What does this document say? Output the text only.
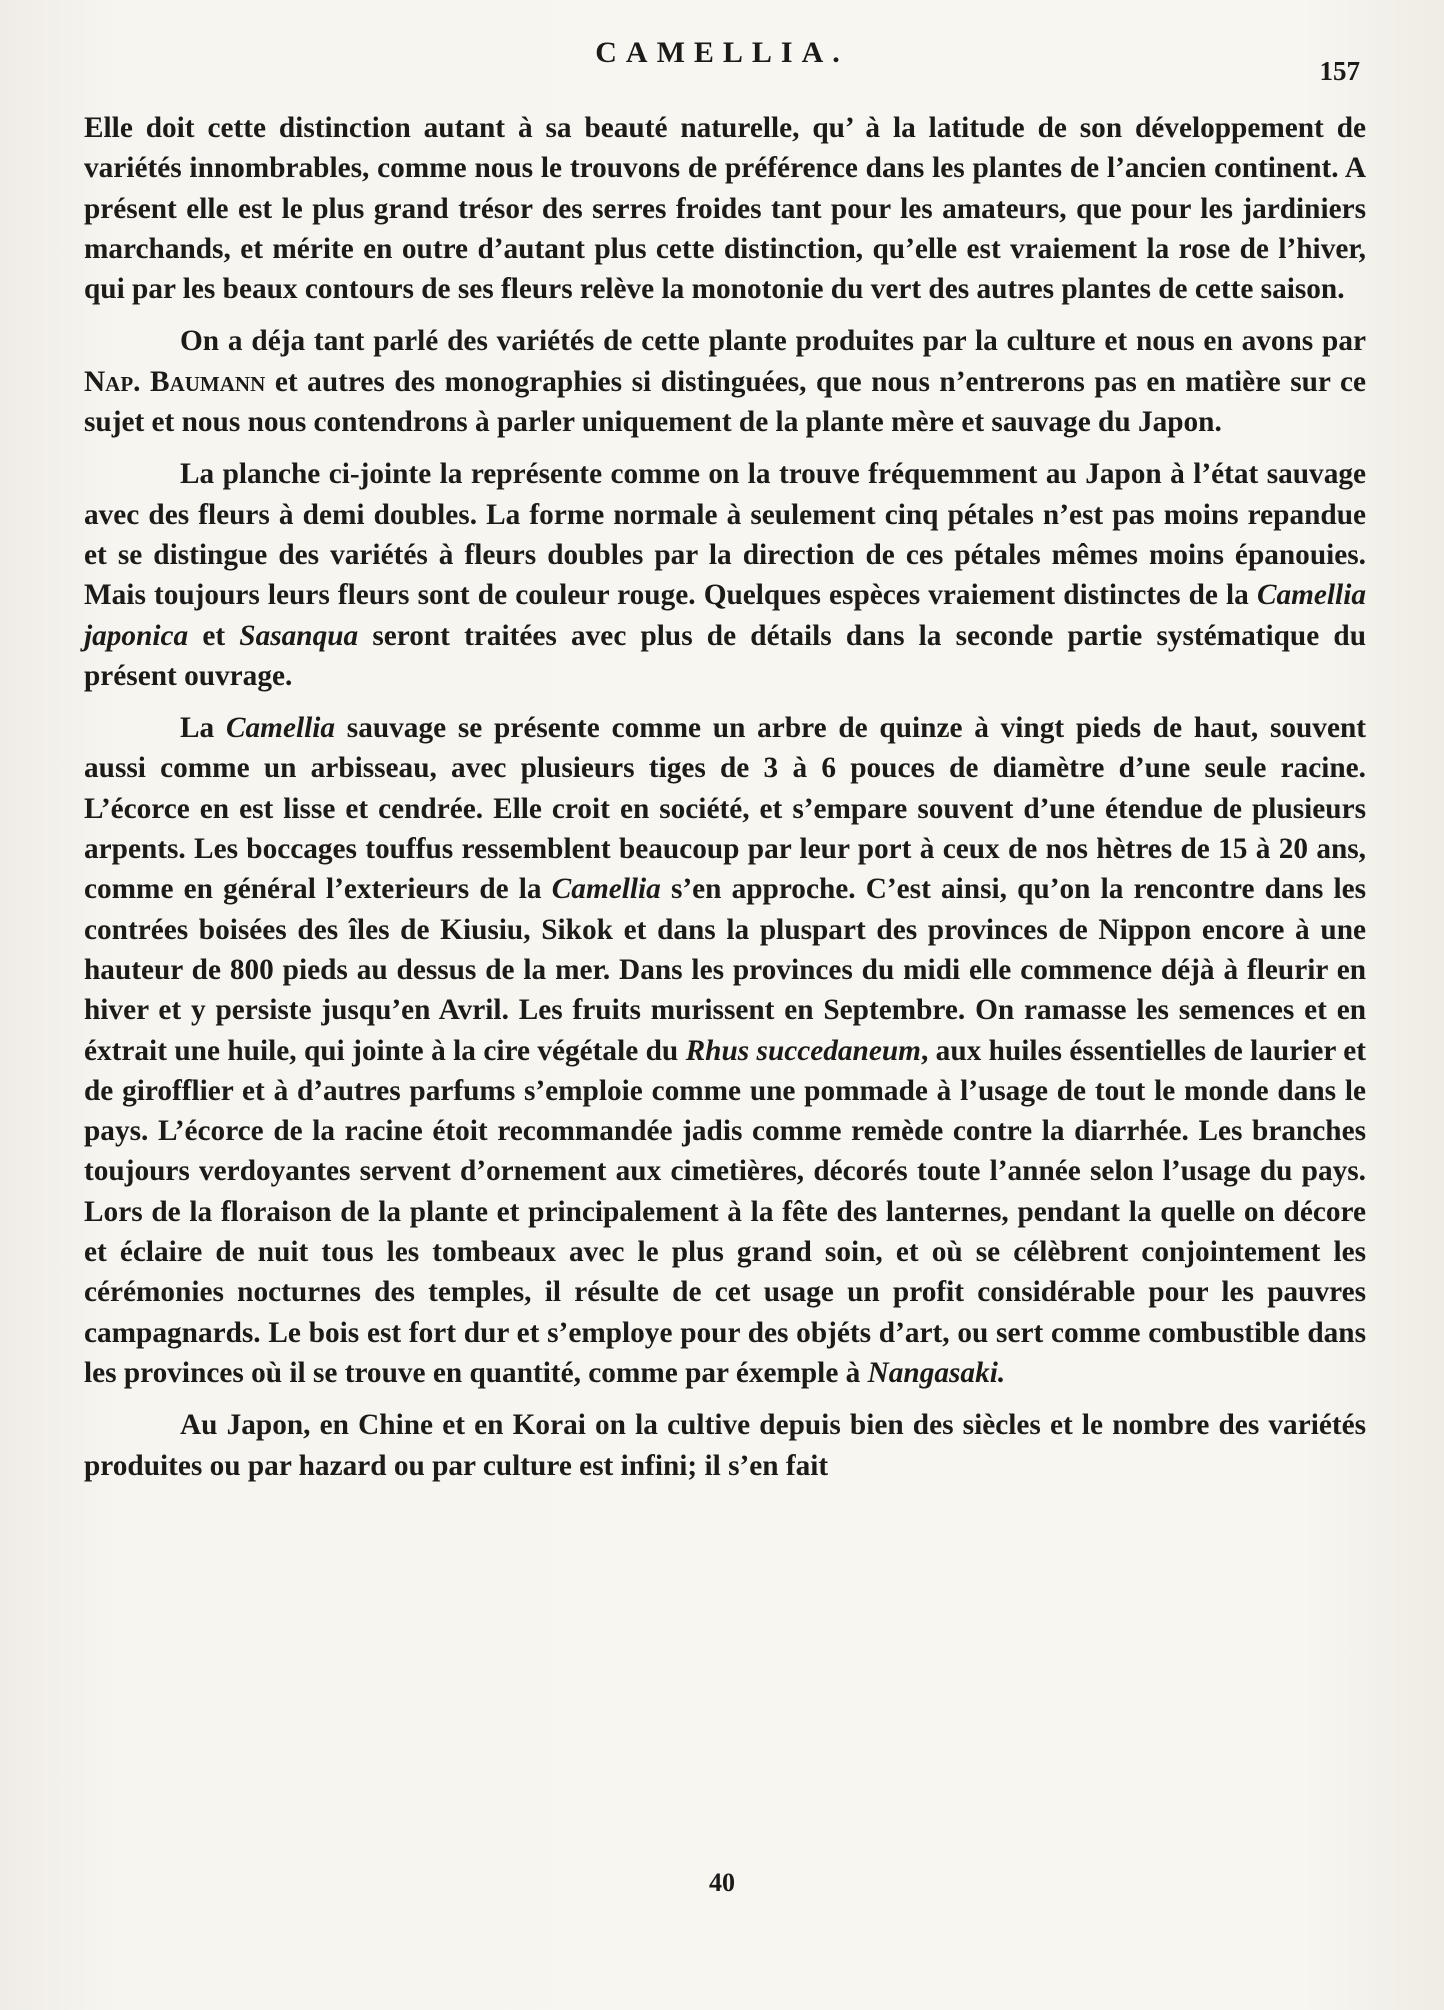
CAMELLIA.
157

Elle doit cette distinction autant à sa beauté naturelle, qu’ à la latitude de son développement de variétés innombrables, comme nous le trouvons de préférence dans les plantes de l’ancien continent. A présent elle est le plus grand trésor des serres froides tant pour les amateurs, que pour les jardiniers marchands, et mérite en outre d’autant plus cette distinction, qu’elle est vraiement la rose de l’hiver, qui par les beaux contours de ses fleurs relève la monotonie du vert des autres plantes de cette saison.

On a déja tant parlé des variétés de cette plante produites par la culture et nous en avons par Nap. Baumann et autres des monographies si distinguées, que nous n’entrerons pas en matière sur ce sujet et nous nous contendrons à parler uniquement de la plante mère et sauvage du Japon.

La planche ci-jointe la représente comme on la trouve fréquemment au Japon à l’état sauvage avec des fleurs à demi doubles. La forme normale à seulement cinq pétales n’est pas moins repandue et se distingue des variétés à fleurs doubles par la direction de ces pétales mêmes moins épanouies. Mais toujours leurs fleurs sont de couleur rouge. Quelques espèces vraiement distinctes de la Camellia japonica et Sasanqua seront traitées avec plus de détails dans la seconde partie systématique du présent ouvrage.

La Camellia sauvage se présente comme un arbre de quinze à vingt pieds de haut, souvent aussi comme un arbisseau, avec plusieurs tiges de 3 à 6 pouces de diamètre d’une seule racine. L’écorce en est lisse et cendrée. Elle croit en société, et s’empare souvent d’une étendue de plusieurs arpents. Les boccages touffus ressemblent beaucoup par leur port à ceux de nos hètres de 15 à 20 ans, comme en général l’exterieurs de la Camellia s’en approche. C’est ainsi, qu’on la rencontre dans les contrées boisées des îles de Kiusiu, Sikok et dans la pluspart des provinces de Nippon encore à une hauteur de 800 pieds au dessus de la mer. Dans les provinces du midi elle commence déjà à fleurir en hiver et y persiste jusqu’en Avril. Les fruits murissent en Septembre. On ramasse les semences et en éxtrait une huile, qui jointe à la cire végétale du Rhus succedaneum, aux huiles éssentielles de laurier et de girofflier et à d’autres parfums s’emploie comme une pommade à l’usage de tout le monde dans le pays. L’écorce de la racine étoit recommandée jadis comme remède contre la diarrhée. Les branches toujours verdoyantes servent d’ornement aux cimetières, décorés toute l’année selon l’usage du pays. Lors de la floraison de la plante et principalement à la fête des lanternes, pendant la quelle on décore et éclaire de nuit tous les tombeaux avec le plus grand soin, et où se célèbrent conjointement les cérémonies nocturnes des temples, il résulte de cet usage un profit considérable pour les pauvres campagnards. Le bois est fort dur et s’employe pour des objéts d’art, ou sert comme combustible dans les provinces où il se trouve en quantité, comme par éxemple à Nangasaki.

Au Japon, en Chine et en Korai on la cultive depuis bien des siècles et le nombre des variétés produites ou par hazard ou par culture est infini; il s’en fait

40
